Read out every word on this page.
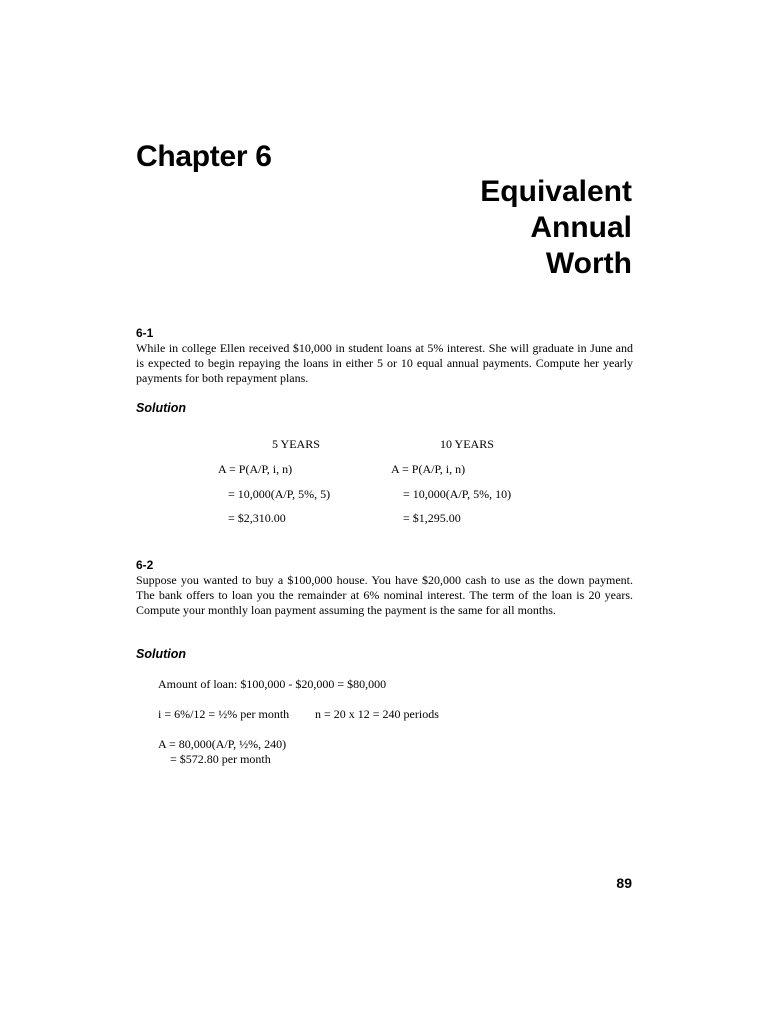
Chapter 6
Equivalent
Annual
Worth
6-1
While in college Ellen received $10,000 in student loans at 5% interest. She will graduate in June and is expected to begin repaying the loans in either 5 or 10 equal annual payments. Compute her yearly payments for both repayment plans.
Solution
5 YEARS	10 YEARS
A = P(A/P, i, n)	A = P(A/P, i, n)
= 10,000(A/P, 5%, 5)	= 10,000(A/P, 5%, 10)
= $2,310.00	= $1,295.00
6-2
Suppose you wanted to buy a $100,000 house. You have $20,000 cash to use as the down payment. The bank offers to loan you the remainder at 6% nominal interest. The term of the loan is 20 years. Compute your monthly loan payment assuming the payment is the same for all months.
Solution
Amount of loan: $100,000 - $20,000 = $80,000
i = 6%/12 = ½% per month n = 20 x 12 = 240 periods
A = 80,000(A/P, ½%, 240)
= $572.80 per month
89
